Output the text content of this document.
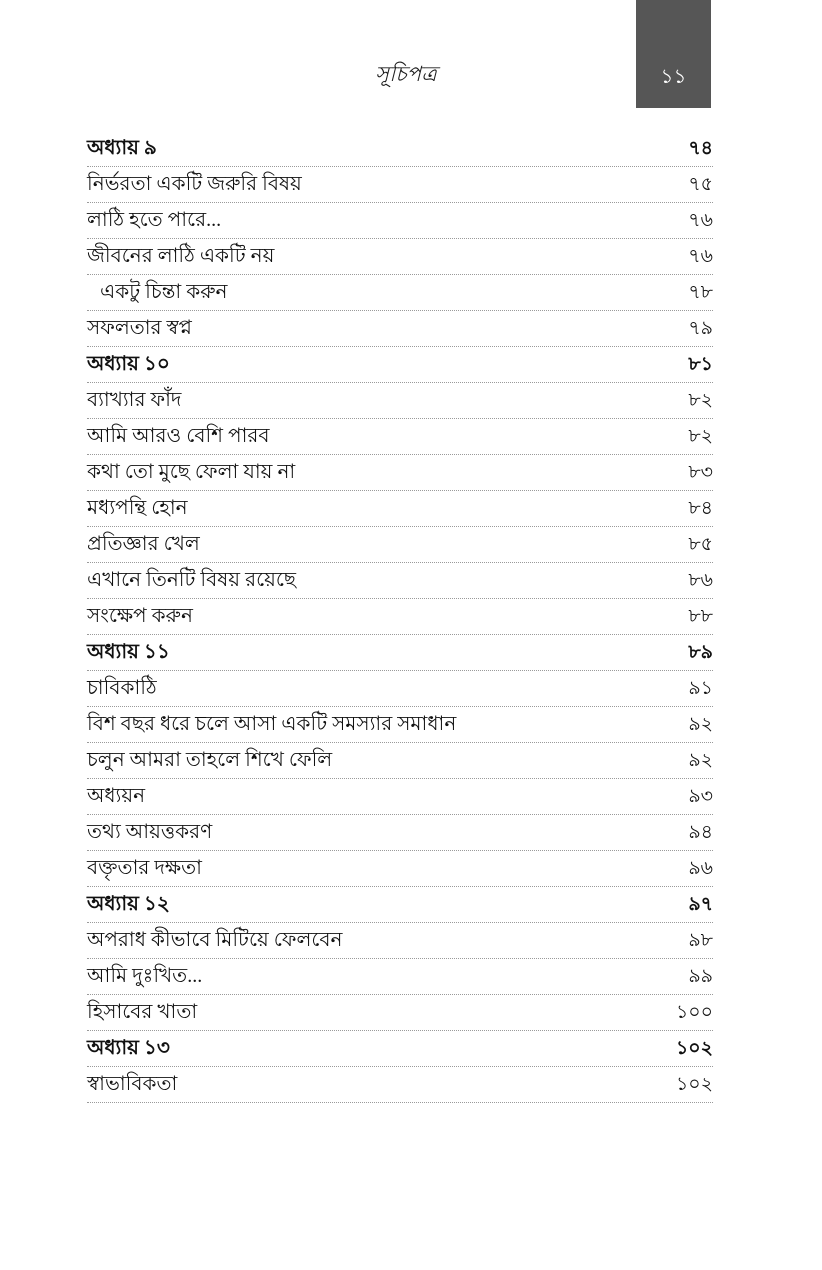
সূচিপত্র	১১
অধ্যায় ৯	৭৪
নির্ভরতা একটি জরুরি বিষয়	৭৫
লাঠি হতে পারে...	৭৬
জীবনের লাঠি একটি নয়	৭৬
একটু চিন্তা করুন	৭৮
সফলতার স্বপ্ন	৭৯
অধ্যায় ১০	৮১
ব্যাখ্যার ফাঁদ	৮২
আমি আরও বেশি পারব	৮২
কথা তো মুছে ফেলা যায় না	৮৩
মধ্যপন্থি হোন	৮৪
প্রতিজ্ঞার খেল	৮৫
এখানে তিনটি বিষয় রয়েছে	৮৬
সংক্ষেপ করুন	৮৮
অধ্যায় ১১	৮৯
চাবিকাঠি	৯১
বিশ বছর ধরে চলে আসা একটি সমস্যার সমাধান	৯২
চলুন আমরা তাহলে শিখে ফেলি	৯২
অধ্যয়ন	৯৩
তথ্য আয়ত্তকরণ	৯৪
বক্তৃতার দক্ষতা	৯৬
অধ্যায় ১২	৯৭
অপরাধ কীভাবে মিটিয়ে ফেলবেন	৯৮
আমি দুঃখিত...	৯৯
হিসাবের খাতা	১০০
অধ্যায় ১৩	১০২
স্বাভাবিকতা	১০২
